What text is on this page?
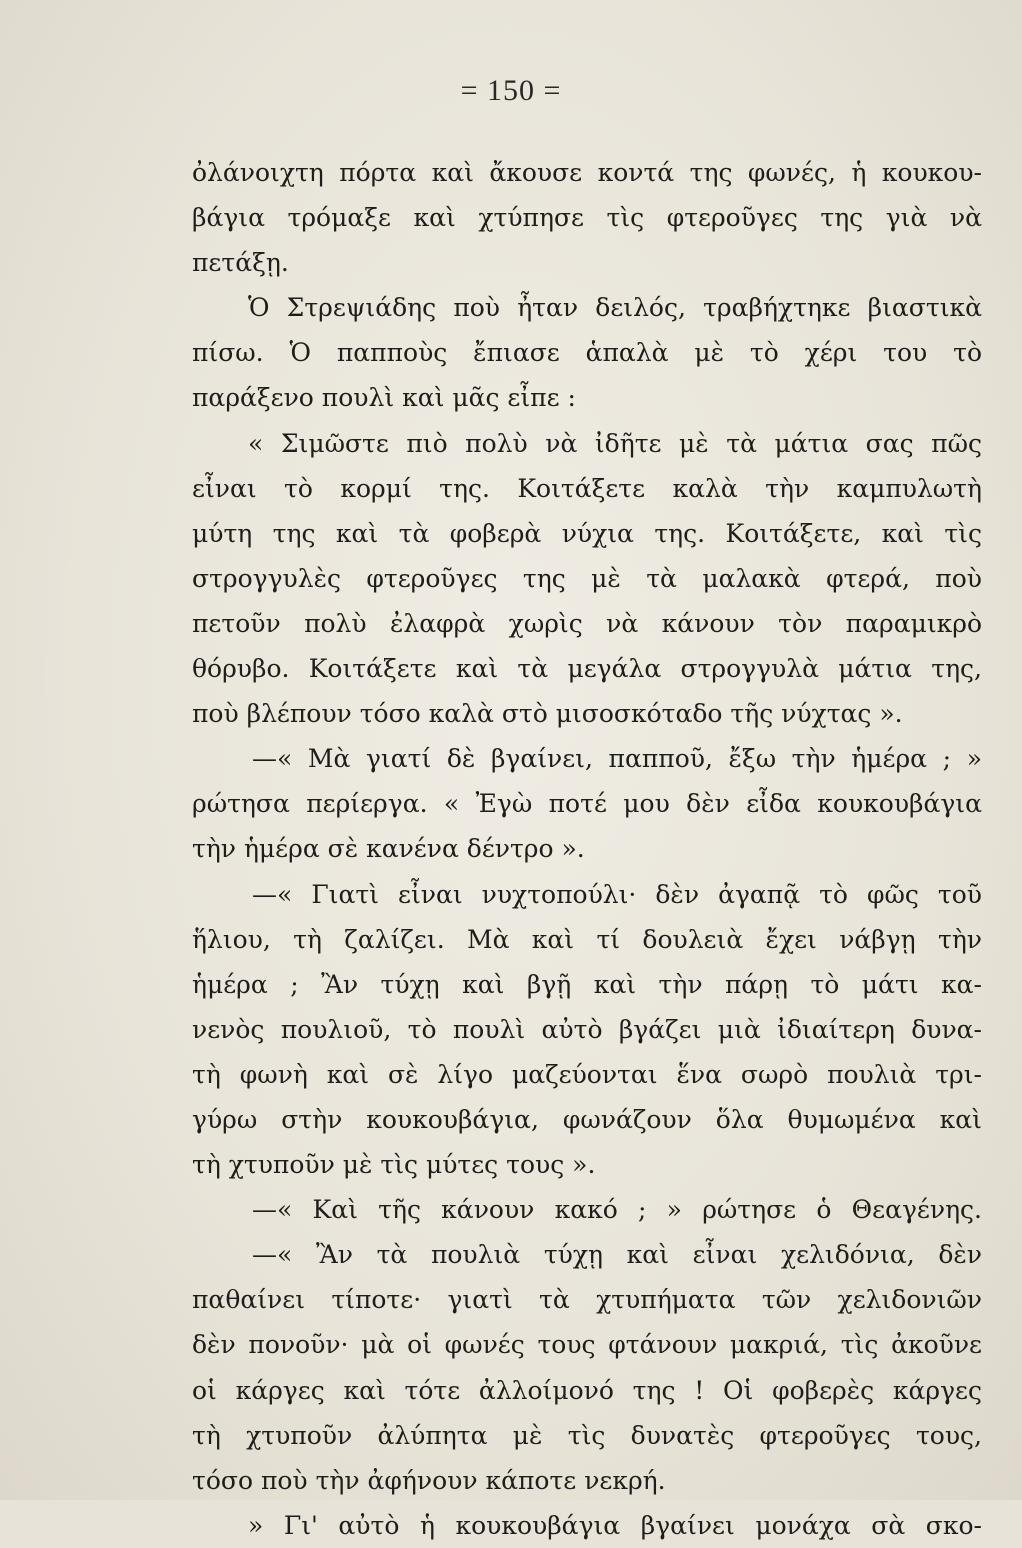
= 150 =
ὀλάνοιχτη πόρτα καὶ ἄκουσε κοντά της φωνές, ἡ κουκου-
βάγια τρόμαξε καὶ χτύπησε τὶς φτεροῦγες της γιὰ νὰ
πετάξῃ.
Ὁ Στρεψιάδης ποὺ ἦταν δειλός, τραβήχτηκε βιαστικὰ
πίσω. Ὁ παπποὺς ἔπιασε ἁπαλὰ μὲ τὸ χέρι του τὸ
παράξενο πουλὶ καὶ μᾶς εἶπε :
« Σιμῶστε πιὸ πολὺ νὰ ἰδῆτε μὲ τὰ μάτια σας πῶς
εἶναι τὸ κορμί της. Κοιτάξετε καλὰ τὴν καμπυλωτὴ
μύτη της καὶ τὰ φοβερὰ νύχια της. Κοιτάξετε, καὶ τὶς
στρογγυλὲς φτεροῦγες της μὲ τὰ μαλακὰ φτερά, ποὺ
πετοῦν πολὺ ἐλαφρὰ χωρὶς νὰ κάνουν τὸν παραμικρὸ
θόρυβο. Κοιτάξετε καὶ τὰ μεγάλα στρογγυλὰ μάτια της,
ποὺ βλέπουν τόσο καλὰ στὸ μισοσκόταδο τῆς νύχτας ».
—« Μὰ γιατί δὲ βγαίνει, παπποῦ, ἔξω τὴν ἡμέρα ; »
ρώτησα περίεργα. « Ἐγὼ ποτέ μου δὲν εἶδα κουκουβάγια
τὴν ἡμέρα σὲ κανένα δέντρο ».
—« Γιατὶ εἶναι νυχτοπούλι· δὲν ἀγαπᾷ τὸ φῶς τοῦ
ἥλιου, τὴ ζαλίζει. Μὰ καὶ τί δουλειὰ ἔχει νάβγῃ τὴν
ἡμέρα ; Ἂν τύχῃ καὶ βγῇ καὶ τὴν πάρῃ τὸ μάτι κα-
νενὸς πουλιοῦ, τὸ πουλὶ αὐτὸ βγάζει μιὰ ἰδιαίτερη δυνα-
τὴ φωνὴ καὶ σὲ λίγο μαζεύονται ἕνα σωρὸ πουλιὰ τρι-
γύρω στὴν κουκουβάγια, φωνάζουν ὅλα θυμωμένα καὶ
τὴ χτυποῦν μὲ τὶς μύτες τους ».
—« Καὶ τῆς κάνουν κακό ; » ρώτησε ὁ Θεαγένης.
—« Ἂν τὰ πουλιὰ τύχῃ καὶ εἶναι χελιδόνια, δὲν
παθαίνει τίποτε· γιατὶ τὰ χτυπήματα τῶν χελιδονιῶν
δὲν πονοῦν· μὰ οἱ φωνές τους φτάνουν μακριά, τὶς ἀκοῦνε
οἱ κάργες καὶ τότε ἀλλοίμονό της ! Οἱ φοβερὲς κάργες
τὴ χτυποῦν ἀλύπητα μὲ τὶς δυνατὲς φτεροῦγες τους,
τόσο ποὺ τὴν ἀφήνουν κάποτε νεκρή.
» Γι' αὐτὸ ἡ κουκουβάγια βγαίνει μονάχα σὰ σκο-
